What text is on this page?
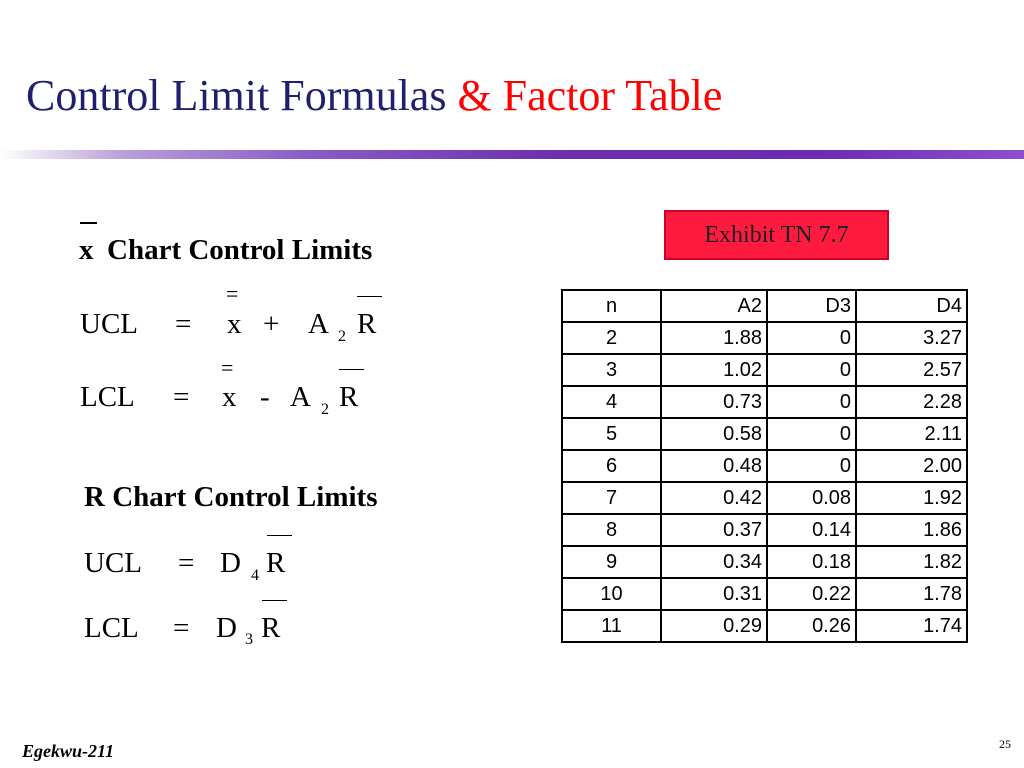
Control Limit Formulas & Factor Table
Exhibit TN 7.7
x Chart Control Limits
UCL =
=
x + A 2 R
LCL =
=
x - A 2 R
R Chart Control Limits
UCL = D 4 R
LCL = D 3 R
n	A2	D3	D4
2	1.88	0	3.27
3	1.02	0	2.57
4	0.73	0	2.28
5	0.58	0	2.11
6	0.48	0	2.00
7	0.42	0.08	1.92
8	0.37	0.14	1.86
9	0.34	0.18	1.82
10	0.31	0.22	1.78
11	0.29	0.26	1.74
Egekwu-211	25
